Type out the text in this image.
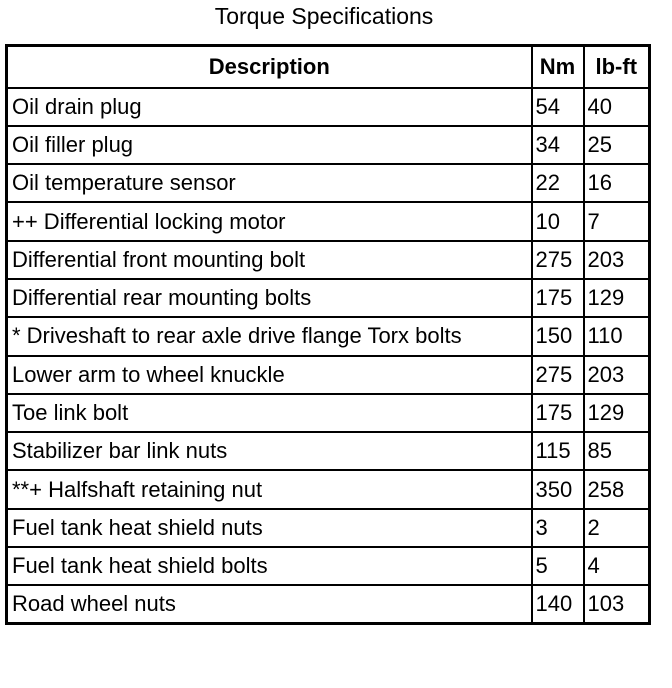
Torque Specifications
Description	Nm	lb-ft
Oil drain plug	54	40
Oil filler plug	34	25
Oil temperature sensor	22	16
++ Differential locking motor	10	7
Differential front mounting bolt	275	203
Differential rear mounting bolts	175	129
* Driveshaft to rear axle drive flange Torx bolts	150	110
Lower arm to wheel knuckle	275	203
Toe link bolt	175	129
Stabilizer bar link nuts	115	85
**+ Halfshaft retaining nut	350	258
Fuel tank heat shield nuts	3	2
Fuel tank heat shield bolts	5	4
Road wheel nuts	140	103
